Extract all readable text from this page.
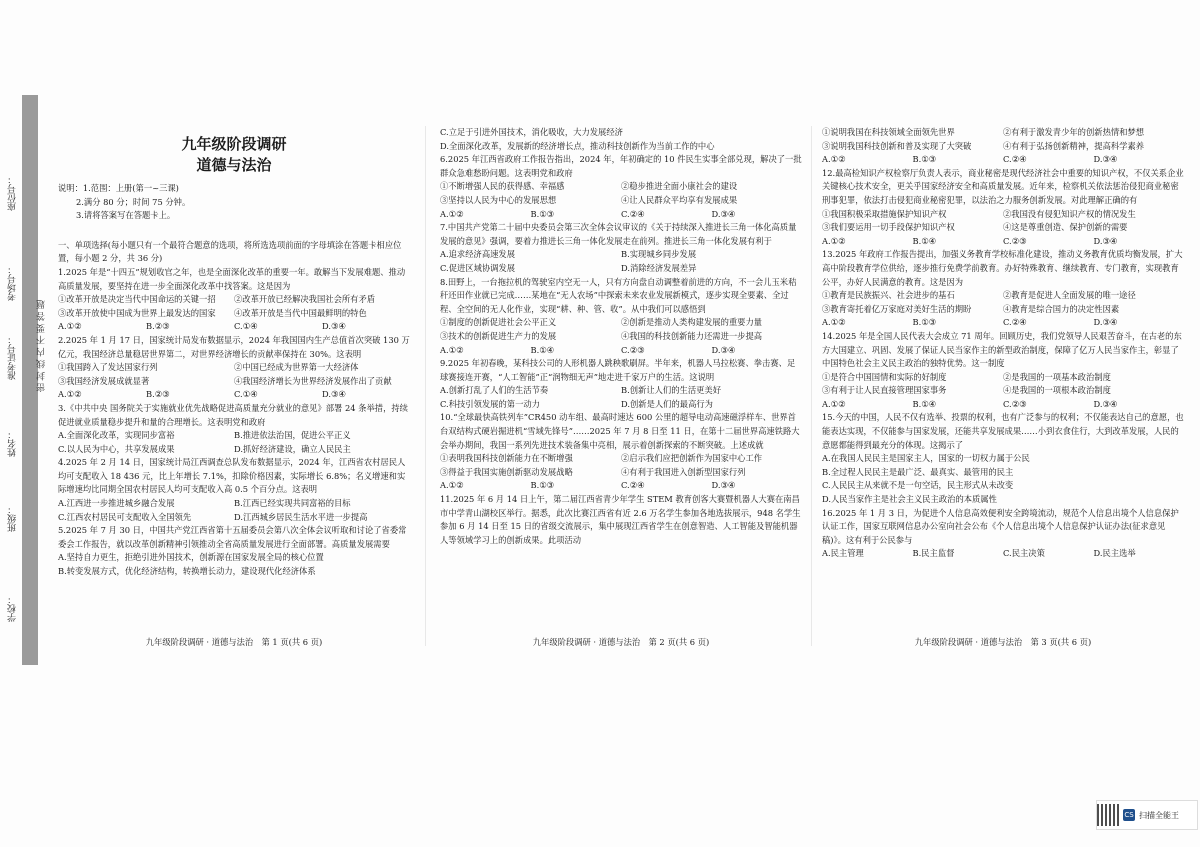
学校：
班级：
姓名：
准考证号：
考场号：
座位号：
密 封 线 内 不 要 答 题
九年级阶段调研
道德与法治

说明：1.范围：上册(第一~三课)

2.满分 80 分；时间 75 分钟。

3.请将答案写在答题卡上。

一、单项选择(每小题只有一个最符合题意的选项，将所选选项前面的字母填涂在答题卡相应位置，每小题 2 分，共 36 分)

1.2025 年是“十四五”规划收官之年，也是全面深化改革的重要一年。敢解当下发展难题、推动高质量发展，要坚持在进一步全面深化改革中找答案。这是因为

①改革开放是决定当代中国命运的关键一招	②改革开放已经解决我国社会所有矛盾
③改革开放使中国成为世界上最发达的国家	④改革开放是当代中国最鲜明的特色
A.①②	B.②③	C.①④	D.③④

2.2025 年 1 月 17 日，国家统计局发布数据显示，2024 年我国国内生产总值首次突破 130 万亿元，我国经济总量稳居世界第二，对世界经济增长的贡献率保持在 30%。这表明

①我国跨入了发达国家行列	②中国已经成为世界第一大经济体
③我国经济发展成就显著	④我国经济增长为世界经济发展作出了贡献
A.①②	B.②③	C.①④	D.③④

3.《中共中央 国务院关于实施就业优先战略促进高质量充分就业的意见》部署 24 条举措，持续促进就业质量稳步提升和量的合理增长。这表明党和政府

A.全面深化改革，实现同步富裕	B.推进依法治国，促进公平正义
C.以人民为中心，共享发展成果	D.抓好经济建设，确立人民民主

4.2025 年 2 月 14 日，国家统计局江西调查总队发布数据显示，2024 年，江西省农村居民人均可支配收入 18 436 元，比上年增长 7.1%，扣除价格因素，实际增长 6.8%；名义增速和实际增速均比同期全国农村居民人均可支配收入高 0.5 个百分点。这表明

A.江西进一步推进城乡融合发展	B.江西已经实现共同富裕的目标
C.江西农村居民可支配收入全国领先	D.江西城乡居民生活水平进一步提高

5.2025 年 7 月 30 日，中国共产党江西省第十五届委员会第八次全体会议听取和讨论了省委常委会工作报告，就以改革创新精神引领推动全省高质量发展进行全面部署。高质量发展需要

A.坚持自力更生，拒绝引进外国技术，创新源在国家发展全局的核心位置

B.转变发展方式，优化经济结构，转换增长动力，建设现代化经济体系

九年级阶段调研 · 道德与法治　第 1 页(共 6 页)

C.立足于引进外国技术，消化吸收，大力发展经济

D.全面深化改革，发展新的经济增长点，推动科技创新作为当前工作的中心

6.2025 年江西省政府工作报告指出，2024 年，年初确定的 10 件民生实事全部兑现，解决了一批群众急难愁盼问题。这表明党和政府

①不断增强人民的获得感、幸福感	②稳步推进全面小康社会的建设
③坚持以人民为中心的发展思想	④让人民群众平均享有发展成果
A.①②	B.①③	C.②④	D.③④

7.中国共产党第二十届中央委员会第三次全体会议审议的《关于持续深入推进长三角一体化高质量发展的意见》强调，要着力推进长三角一体化发展走在前列。推进长三角一体化发展有利于

A.追求经济高速发展	B.实现城乡同步发展
C.促进区域协调发展	D.消除经济发展差异

8.田野上，一台拖拉机的驾驶室内空无一人，只有方向盘自动调整着前进的方向，不一会儿玉米秸秆还田作业就已完成……某地在“无人农场”中探索未来农业发展新模式，逐步实现全要素、全过程、全空间的无人化作业，实现“耕、种、管、收”。从中我们可以感悟到

①制度的创新促进社会公平正义	②创新是推动人类构建发展的重要力量
③技术的创新促进生产力的发展	④我国的科技创新能力还需进一步提高
A.①②	B.①④	C.②③	D.③④

9.2025 年初春晚，某科技公司的人形机器人跳秧歌刷屏。半年来，机器人马拉松赛、拳击赛、足球赛接连开赛，“人工智能”正“润物细无声”地走进千家万户的生活。这说明

A.创新打乱了人们的生活节奏	B.创新让人们的生活更美好
C.科技引领发展的第一动力	D.创新是人们的最高行为

10.“全球最快高铁列车”CR450 动车组、最高时速达 600 公里的超导电动高速磁浮样车、世界首台双结构式硬岩掘进机“雪域先锋号”……2025 年 7 月 8 日至 11 日，在第十二届世界高速铁路大会举办期间，我国一系列先进技术装备集中亮相，展示着创新探索的不断突破。上述成就

①表明我国科技创新能力在不断增强	②启示我们应把创新作为国家中心工作
③得益于我国实施创新驱动发展战略	④有利于我国进入创新型国家行列
A.①②	B.①③	C.②④	D.③④

11.2025 年 6 月 14 日上午，第二届江西省青少年学生 STEM 教育创客大赛暨机器人大赛在南昌市中学青山湖校区举行。据悉，此次比赛江西省有近 2.6 万名学生参加各地选拔展示，948 名学生参加 6 月 14 日至 15 日的省级交流展示，集中展现江西省学生在创意智造、人工智能及智能机器人等领域学习上的创新成果。此项活动

九年级阶段调研 · 道德与法治　第 2 页(共 6 页)
①说明我国在科技领域全面领先世界	②有利于激发青少年的创新热情和梦想
③说明我国科技创新和普及实现了大突破	④有利于弘扬创新精神，提高科学素养
A.①②	B.①③	C.②④	D.③④

12.最高检知识产权检察厅负责人表示，商业秘密是现代经济社会中重要的知识产权，不仅关系企业关键核心技术安全，更关乎国家经济安全和高质量发展。近年来，检察机关依法惩治侵犯商业秘密刑事犯罪，依法打击侵犯商业秘密犯罪，以法治之力服务创新发展。对此理解正确的有

①我国积极采取措施保护知识产权	②我国没有侵犯知识产权的情况发生
③我们要运用一切手段保护知识产权	④这是尊重创造、保护创新的需要
A.①②	B.①④	C.②③	D.③④

13.2025 年政府工作报告提出，加强义务教育学校标准化建设，推动义务教育优质均衡发展，扩大高中阶段教育学位供给，逐步推行免费学前教育。办好特殊教育、继续教育、专门教育，实现教育公平，办好人民满意的教育。这是因为

①教育是民族振兴、社会进步的基石	②教育是促进人全面发展的唯一途径
③教育寄托着亿万家庭对美好生活的期盼	④教育是综合国力的决定性因素
A.①②	B.①③	C.②④	D.③④

14.2025 年是全国人民代表大会成立 71 周年。回顾历史，我们党领导人民艰苦奋斗，在古老的东方大国建立、巩固、发展了保证人民当家作主的新型政治制度，保障了亿万人民当家作主，彰显了中国特色社会主义民主政治的独特优势。这一制度

①是符合中国国情和实际的好制度	②是我国的一项基本政治制度
③有利于让人民直接管理国家事务	④是我国的一项根本政治制度
A.①②	B.①④	C.②③	D.③④

15.今天的中国，人民不仅有选举、投票的权利，也有广泛参与的权利；不仅能表达自己的意愿，也能表达实现，不仅能参与国家发展，还能共享发展成果……小到衣食住行，大到改革发展，人民的意愿都能得到最充分的体现。这揭示了

A.在我国人民民主是国家主人，国家的一切权力属于公民

B.全过程人民民主是最广泛、最真实、最管用的民主

C.人民民主从来就不是一句空话，民主形式从未改变

D.人民当家作主是社会主义民主政治的本质属性

16.2025 年 1 月 3 日，为促进个人信息高效便利安全跨境流动，规范个人信息出境个人信息保护认证工作，国家互联网信息办公室向社会公布《个人信息出境个人信息保护认证办法(征求意见稿)》。这有利于公民参与

A.民主管理	B.民主监督	C.民主决策	D.民主选举
九年级阶段调研 · 道德与法治　第 3 页(共 6 页)
CS 扫描全能王
